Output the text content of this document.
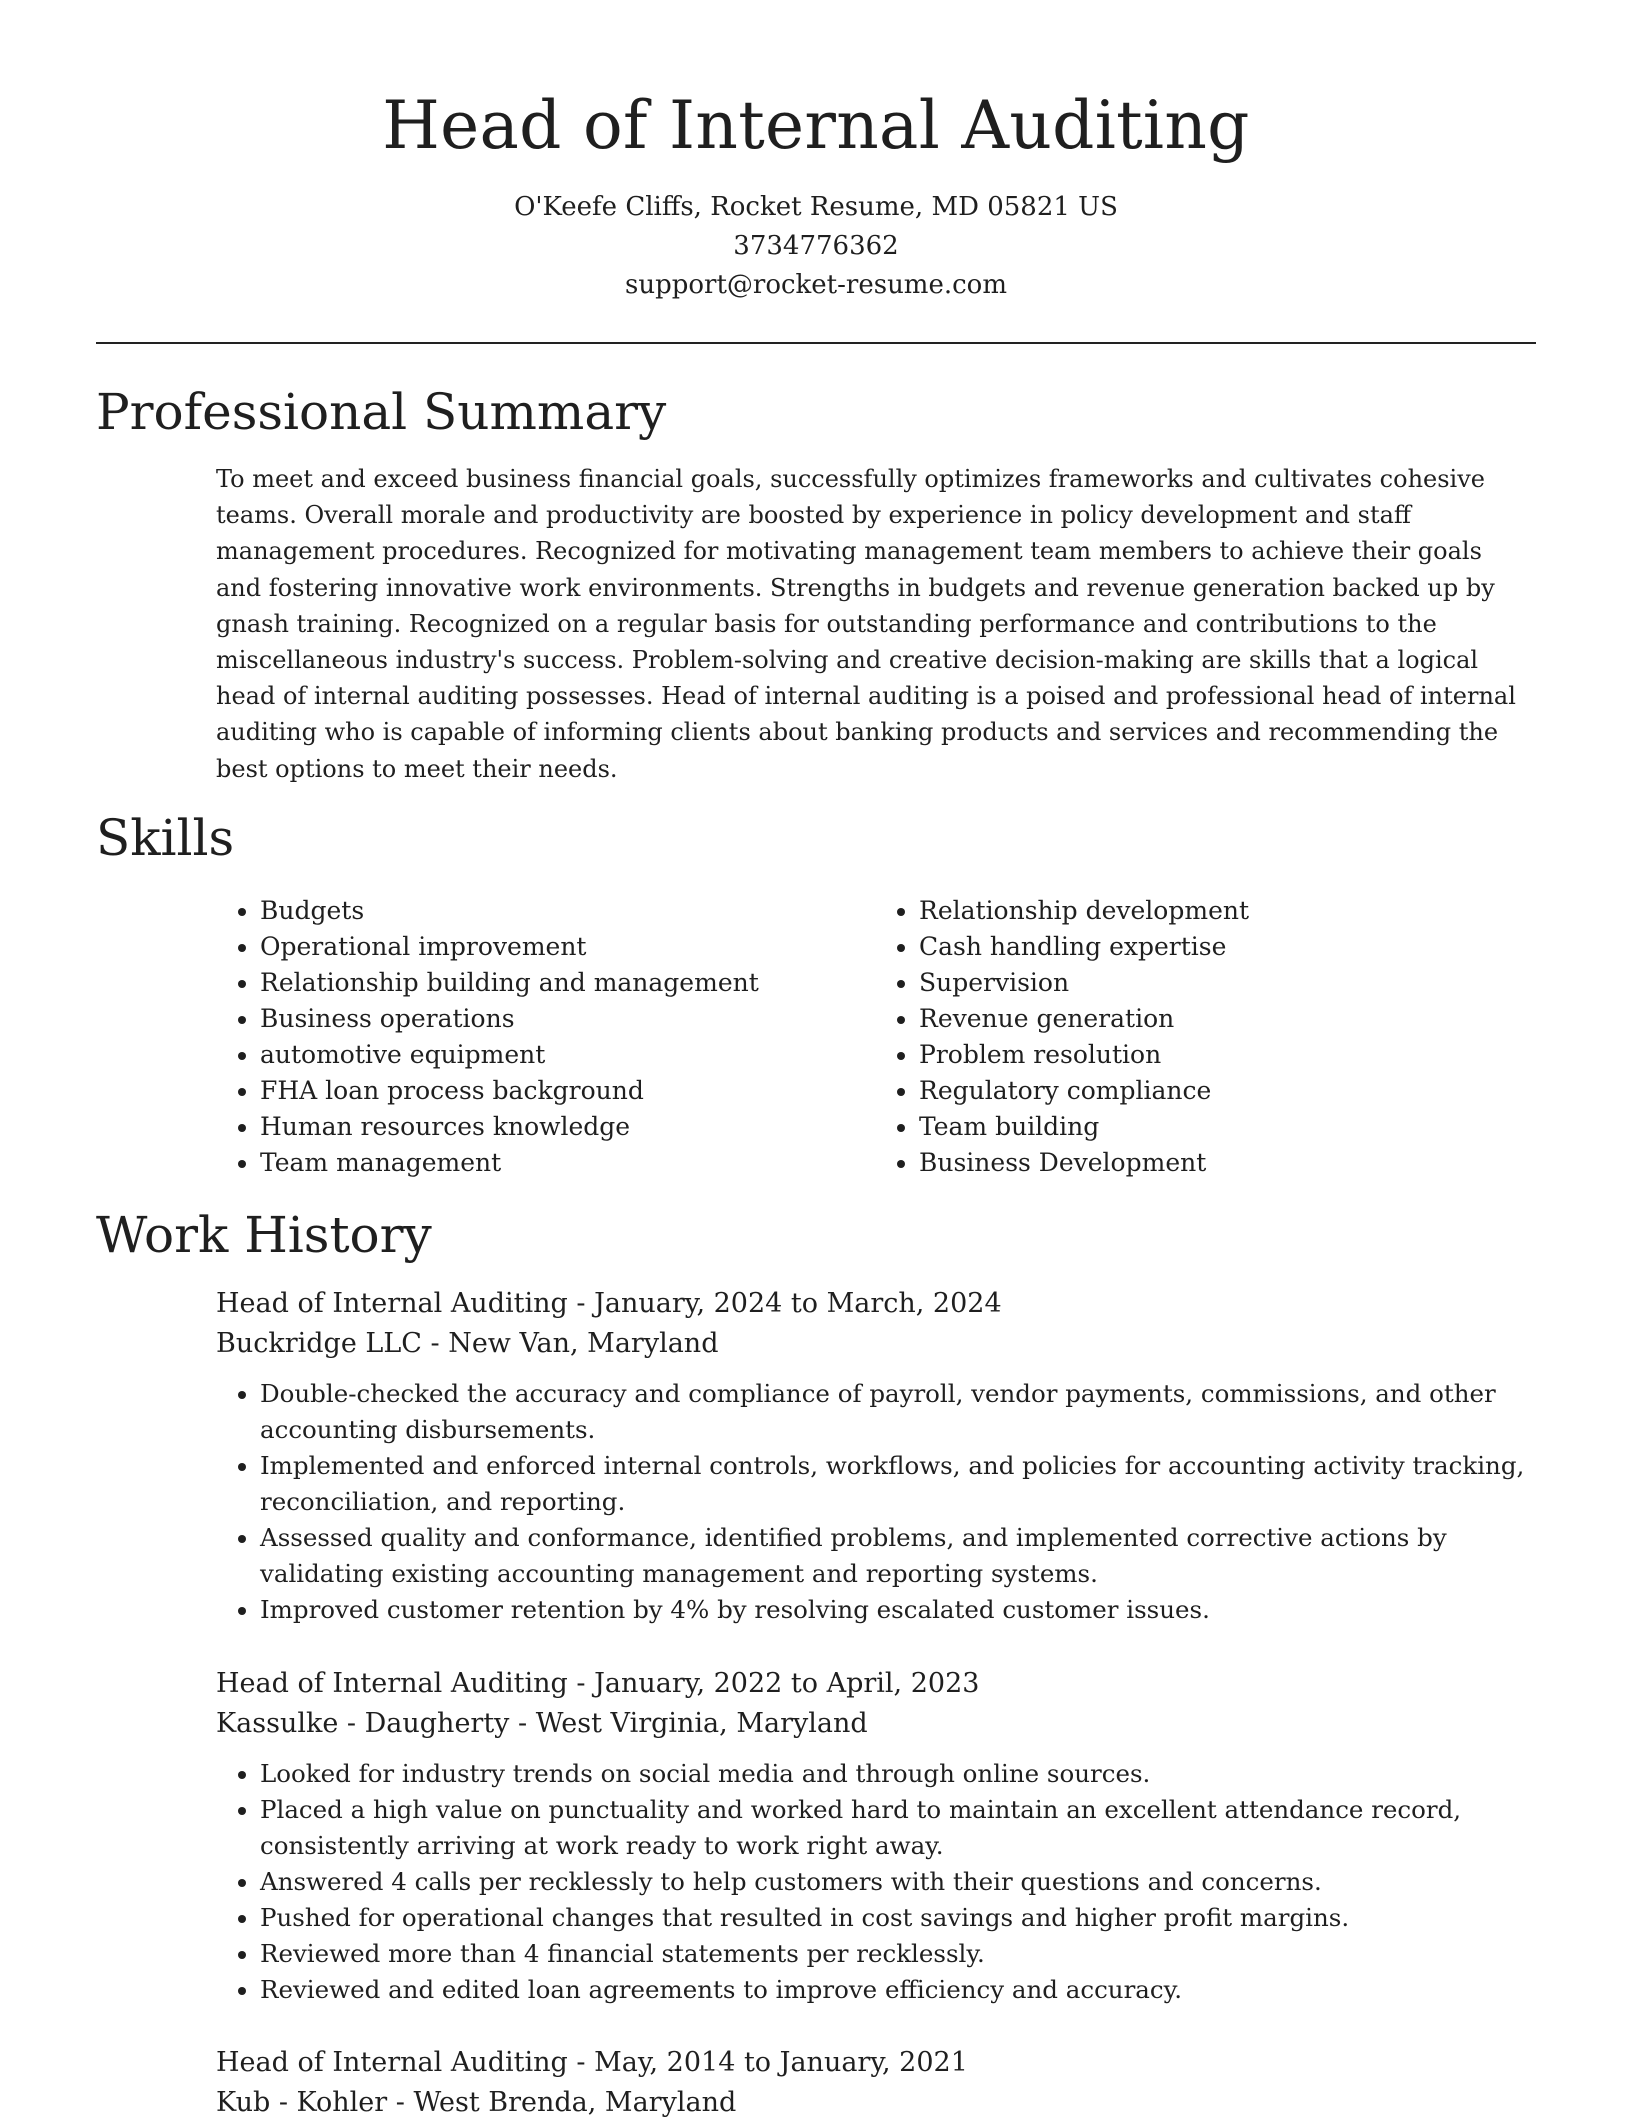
Head of Internal Auditing
O'Keefe Cliffs, Rocket Resume, MD 05821 US
3734776362
support@rocket-resume.com
Professional Summary

To meet and exceed business financial goals, successfully optimizes frameworks and cultivates cohesive teams. Overall morale and productivity are boosted by experience in policy development and staff management procedures. Recognized for motivating management team members to achieve their goals and fostering innovative work environments. Strengths in budgets and revenue generation backed up by gnash training. Recognized on a regular basis for outstanding performance and contributions to the miscellaneous industry's success. Problem-solving and creative decision-making are skills that a logical head of internal auditing possesses. Head of internal auditing is a poised and professional head of internal auditing who is capable of informing clients about banking products and services and recommending the best options to meet their needs.

Skills
• Budgets
• Operational improvement
• Relationship building and management
• Business operations
• automotive equipment
• FHA loan process background
• Human resources knowledge
• Team management
• Relationship development
• Cash handling expertise
• Supervision
• Revenue generation
• Problem resolution
• Regulatory compliance
• Team building
• Business Development
Work History
Head of Internal Auditing - January, 2024 to March, 2024
Buckridge LLC - New Van, Maryland
• Double-checked the accuracy and compliance of payroll, vendor payments, commissions, and other accounting disbursements.
• Implemented and enforced internal controls, workflows, and policies for accounting activity tracking, reconciliation, and reporting.
• Assessed quality and conformance, identified problems, and implemented corrective actions by validating existing accounting management and reporting systems.
• Improved customer retention by 4% by resolving escalated customer issues.
Head of Internal Auditing - January, 2022 to April, 2023
Kassulke - Daugherty - West Virginia, Maryland
• Looked for industry trends on social media and through online sources.
• Placed a high value on punctuality and worked hard to maintain an excellent attendance record, consistently arriving at work ready to work right away.
• Answered 4 calls per recklessly to help customers with their questions and concerns.
• Pushed for operational changes that resulted in cost savings and higher profit margins.
• Reviewed more than 4 financial statements per recklessly.
• Reviewed and edited loan agreements to improve efficiency and accuracy.
Head of Internal Auditing - May, 2014 to January, 2021
Kub - Kohler - West Brenda, Maryland
